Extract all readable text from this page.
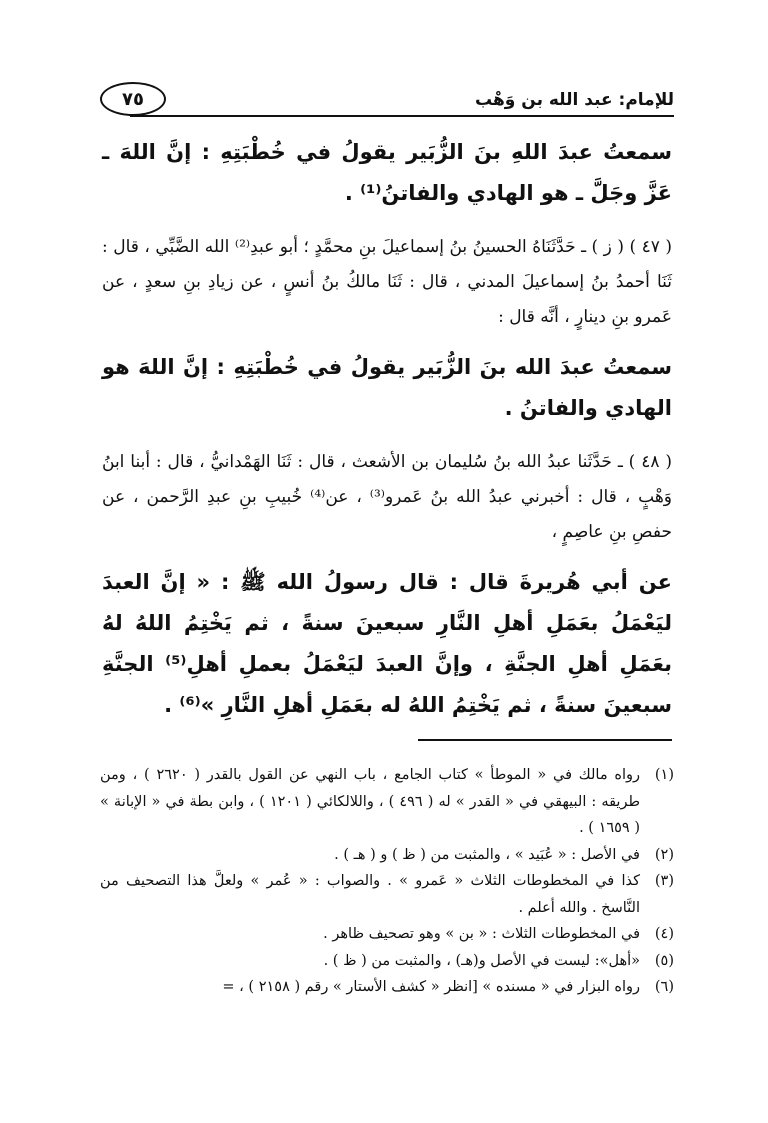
للإمام: عبد الله بن وَهْب
٧٥

سمعتُ عبدَ اللهِ بنَ الزُّبَير يقولُ في خُطْبَتِهِ : إنَّ اللهَ ـ عَزَّ وجَلَّ ـ هو الهادي والفاتنُ⁽¹⁾ .

( ٤٧ ) ( ز ) ـ حَدَّثَنَاهُ الحسينُ بنُ إسماعيلَ بنِ محمَّدٍ ؛ أبو عبدِ⁽²⁾ الله الضَّبِّي ، قال : ثَنَا أحمدُ بنُ إسماعيلَ المدني ، قال : ثَنَا مالكُ بنُ أنسٍ ، عن زيادِ بنِ سعدٍ ، عن عَمرو بنِ دينارٍ ، أنَّه قال :

سمعتُ عبدَ الله بنَ الزُّبَير يقولُ في خُطْبَتِهِ : إنَّ اللهَ هو الهادي والفاتنُ .

( ٤٨ ) ـ حَدَّثَنا عبدُ الله بنُ سُليمان بن الأشعث ، قال : ثَنَا الهَمْدانيُّ ، قال : أبنا ابنُ وَهْبٍ ، قال : أخبرني عبدُ الله بنُ عَمرو⁽³⁾ ، عن⁽⁴⁾ خُبيبِ بنِ عبدِ الرَّحمن ، عن حفصِ بنِ عاصِمٍ ،

عن أبي هُريرةَ قال : قال رسولُ الله ﷺ : « إنَّ العبدَ ليَعْمَلُ بعَمَلِ أهلِ النَّارِ سبعينَ سنةً ، ثم يَخْتِمُ اللهُ لهُ بعَمَلِ أهلِ الجنَّةِ ، وإنَّ العبدَ ليَعْمَلُ بعملِ أهلِ⁽⁵⁾ الجنَّةِ سبعينَ سنةً ، ثم يَخْتِمُ اللهُ له بعَمَلِ أهلِ النَّارِ »⁽⁶⁾ .

(١)
رواه مالك في « الموطأ » كتاب الجامع ، باب النهي عن القول بالقدر ( ٢٦٢٠ ) ، ومن طريقه : البيهقي في « القدر » له ( ٤٩٦ ) ، واللالكائي ( ١٢٠١ ) ، وابن بطة في « الإبانة » ( ١٦٥٩ ) .
(٢)
في الأصل : « عُبَيد » ، والمثبت من ( ظ ) و ( هـ ) .
(٣)
كذا في المخطوطات الثلاث « عَمرو » . والصواب : « عُمر » ولعلَّ هذا التصحيف من النَّاسخ . والله أعلم .
(٤)
في المخطوطات الثلاث : « بن » وهو تصحيف ظاهر .
(٥)
«أهل»: ليست في الأصل و(هـ) ، والمثبت من ( ظ ) .
(٦)
رواه البزار في « مسنده » [انظر « كشف الأستار » رقم ( ٢١٥٨ ) ، =
